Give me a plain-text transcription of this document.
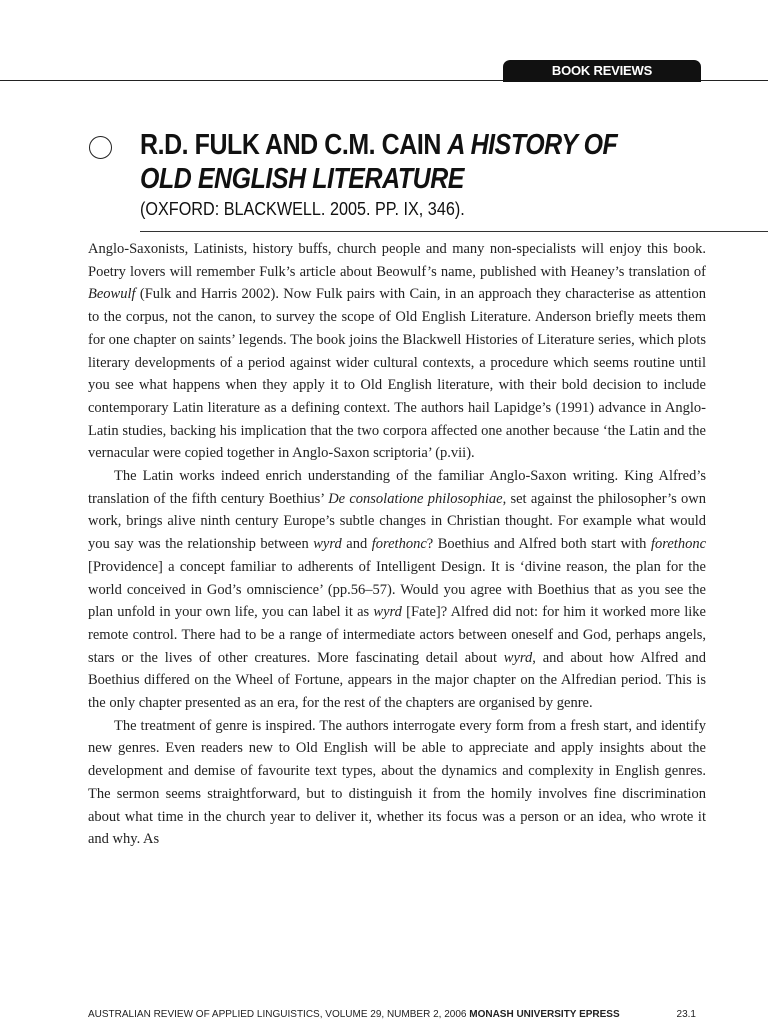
BOOK REVIEWS
R.D. FULK AND C.M. CAIN A HISTORY OF
OLD ENGLISH LITERATURE
(OXFORD: BLACKWELL. 2005. PP. IX, 346).

Anglo-Saxonists, Latinists, history buffs, church people and many non-specialists will enjoy this book. Poetry lovers will remember Fulk’s article about Beowulf’s name, published with Heaney’s translation of Beowulf (Fulk and Harris 2002). Now Fulk pairs with Cain, in an approach they characterise as attention to the corpus, not the canon, to survey the scope of Old English Literature. Anderson briefly meets them for one chapter on saints’ legends. The book joins the Blackwell Histories of Literature series, which plots literary developments of a period against wider cultural contexts, a procedure which seems routine until you see what happens when they apply it to Old English literature, with their bold decision to include contemporary Latin literature as a defining context. The authors hail Lapidge’s (1991) advance in Anglo-Latin studies, backing his implication that the two corpora affected one another because ‘the Latin and the vernacular were copied together in Anglo-Saxon scriptoria’ (p.vii).

The Latin works indeed enrich understanding of the familiar Anglo-Saxon writing. King Alfred’s translation of the fifth century Boethius’ De consolatione philosophiae, set against the philosopher’s own work, brings alive ninth century Europe’s subtle changes in Christian thought. For example what would you say was the relationship between wyrd and forethonc? Boethius and Alfred both start with forethonc [Providence] a concept familiar to adherents of Intelligent Design. It is ‘divine reason, the plan for the world conceived in God’s omniscience’ (pp.56–57). Would you agree with Boethius that as you see the plan unfold in your own life, you can label it as wyrd [Fate]? Alfred did not: for him it worked more like remote control. There had to be a range of intermediate actors between oneself and God, perhaps angels, stars or the lives of other creatures. More fascinating detail about wyrd, and about how Alfred and Boethius differed on the Wheel of Fortune, appears in the major chapter on the Alfredian period. This is the only chapter presented as an era, for the rest of the chapters are organised by genre.

The treatment of genre is inspired. The authors interrogate every form from a fresh start, and identify new genres. Even readers new to Old English will be able to appreciate and apply insights about the development and demise of favourite text types, about the dynamics and complexity in English genres. The sermon seems straightforward, but to distinguish it from the homily involves fine discrimination about what time in the church year to deliver it, whether its focus was a person or an idea, who wrote it and why. As

AUSTRALIAN REVIEW OF APPLIED LINGUISTICS, VOLUME 29, NUMBER 2, 2006 MONASH UNIVERSITY EPRESS	23.1
